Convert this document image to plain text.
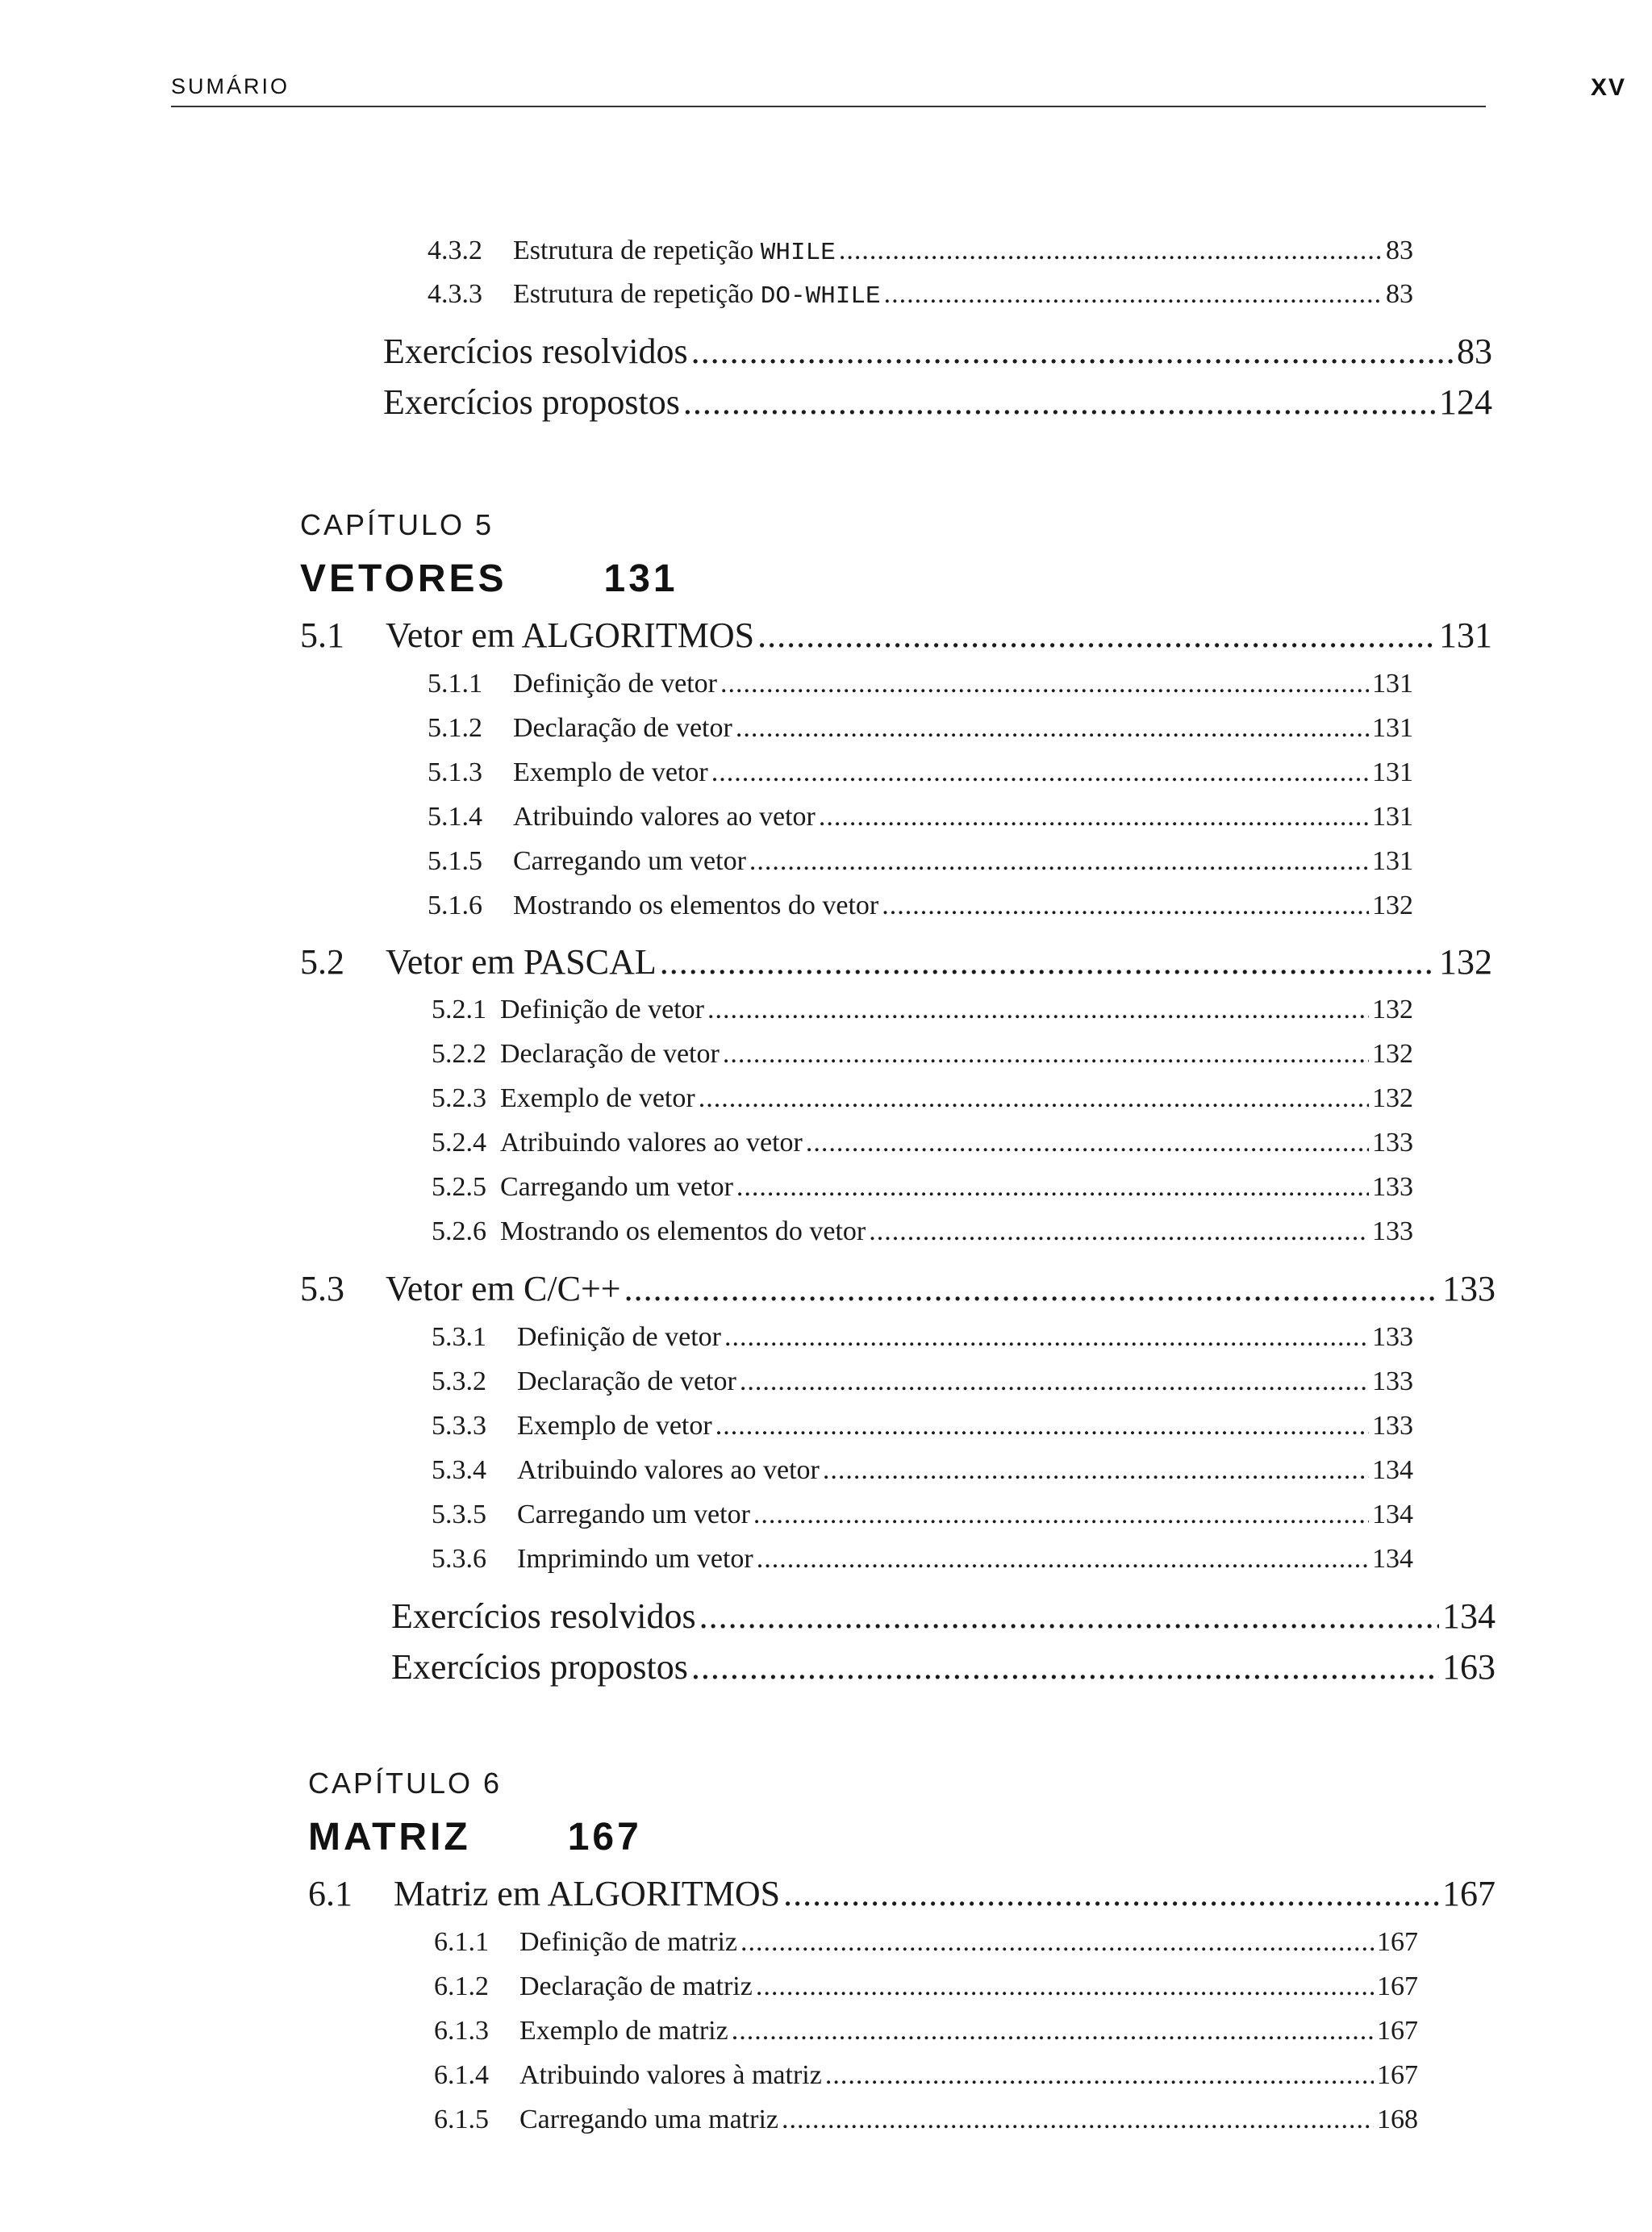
SUMÁRIO	XV
4.3.2	Estrutura de repetição WHILE .....	83
4.3.3	Estrutura de repetição DO-WHILE .....	83
Exercícios resolvidos .....	83
Exercícios propostos .....	124
CAPÍTULO 5
VETORES	131
5.1	Vetor em ALGORITMOS .....	131
5.1.1	Definição de vetor .....	131
5.1.2	Declaração de vetor .....	131
5.1.3	Exemplo de vetor .....	131
5.1.4	Atribuindo valores ao vetor .....	131
5.1.5	Carregando um vetor .....	131
5.1.6	Mostrando os elementos do vetor .....	132
5.2	Vetor em PASCAL .....	132
5.2.1 Definição de vetor .....	132
5.2.2 Declaração de vetor .....	132
5.2.3 Exemplo de vetor .....	132
5.2.4 Atribuindo valores ao vetor .....	133
5.2.5 Carregando um vetor .....	133
5.2.6 Mostrando os elementos do vetor .....	133
5.3	Vetor em C/C++ .....	133
5.3.1	Definição de vetor .....	133
5.3.2	Declaração de vetor .....	133
5.3.3	Exemplo de vetor .....	133
5.3.4	Atribuindo valores ao vetor .....	134
5.3.5	Carregando um vetor .....	134
5.3.6	Imprimindo um vetor .....	134
Exercícios resolvidos .....	134
Exercícios propostos .....	163
CAPÍTULO 6
MATRIZ	167
6.1	Matriz em ALGORITMOS .....	167
6.1.1	Definição de matriz .....	167
6.1.2	Declaração de matriz .....	167
6.1.3	Exemplo de matriz .....	167
6.1.4	Atribuindo valores à matriz .....	167
6.1.5	Carregando uma matriz .....	168
